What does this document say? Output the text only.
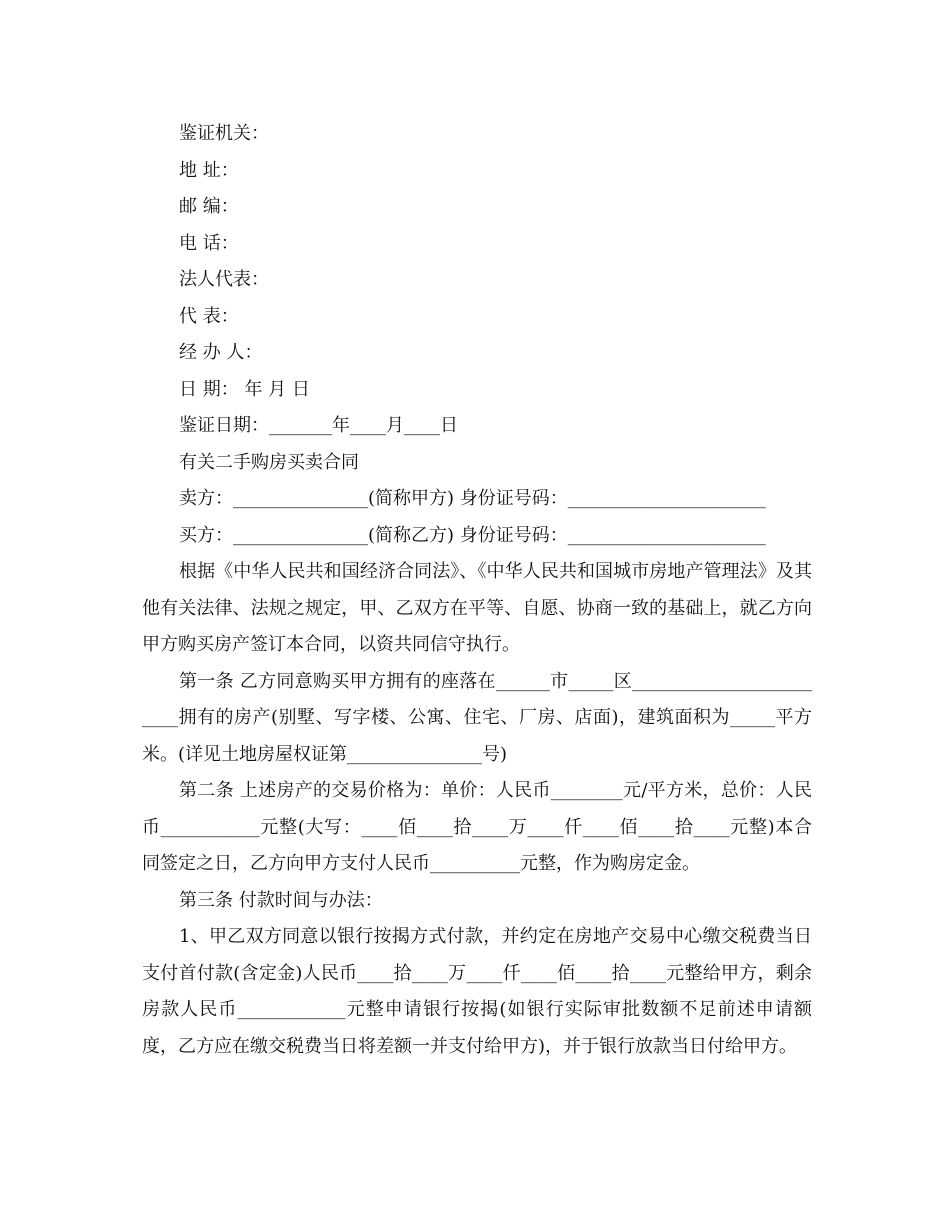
鉴证机关：

地 址：

邮 编：

电 话：

法人代表：

代 表：

经 办 人：

日 期： 年 月 日

鉴证日期：_______年____月____日

有关二手购房买卖合同

卖方：_______________(简称甲方) 身份证号码：______________________

买方：_______________(简称乙方) 身份证号码：______________________

根据《中华人民共和国经济合同法》、《中华人民共和国城市房地产管理法》及其他有关法律、法规之规定，甲、乙双方在平等、自愿、协商一致的基础上，就乙方向甲方购买房产签订本合同，以资共同信守执行。

第一条 乙方同意购买甲方拥有的座落在______市_____区________________________拥有的房产(别墅、写字楼、公寓、住宅、厂房、店面)，建筑面积为_____平方米。(详见土地房屋权证第_______________号)

第二条 上述房产的交易价格为：单价：人民币________元/平方米，总价：人民币___________元整(大写：____佰____拾____万____仟____佰____拾____元整)本合同签定之日，乙方向甲方支付人民币__________元整，作为购房定金。

第三条 付款时间与办法：

1、甲乙双方同意以银行按揭方式付款，并约定在房地产交易中心缴交税费当日支付首付款(含定金)人民币____拾____万____仟____佰____拾____元整给甲方，剩余房款人民币____________元整申请银行按揭(如银行实际审批数额不足前述申请额度，乙方应在缴交税费当日将差额一并支付给甲方)，并于银行放款当日付给甲方。
